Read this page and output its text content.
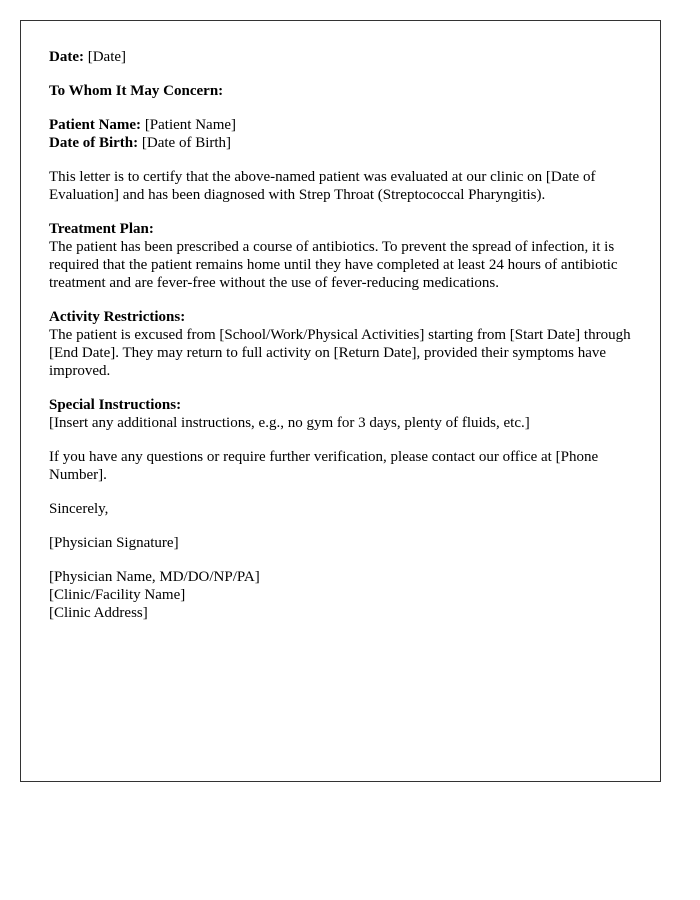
Date: [Date]

To Whom It May Concern:

Patient Name: [Patient Name]
Date of Birth: [Date of Birth]

This letter is to certify that the above-named patient was evaluated at our clinic on [Date of Evaluation] and has been diagnosed with Strep Throat (Streptococcal Pharyngitis).

Treatment Plan:
The patient has been prescribed a course of antibiotics. To prevent the spread of infection, it is required that the patient remains home until they have completed at least 24 hours of antibiotic treatment and are fever-free without the use of fever-reducing medications.

Activity Restrictions:
The patient is excused from [School/Work/Physical Activities] starting from [Start Date] through [End Date]. They may return to full activity on [Return Date], provided their symptoms have improved.

Special Instructions:
[Insert any additional instructions, e.g., no gym for 3 days, plenty of fluids, etc.]

If you have any questions or require further verification, please contact our office at [Phone Number].

Sincerely,

[Physician Signature]

[Physician Name, MD/DO/NP/PA]
[Clinic/Facility Name]
[Clinic Address]
